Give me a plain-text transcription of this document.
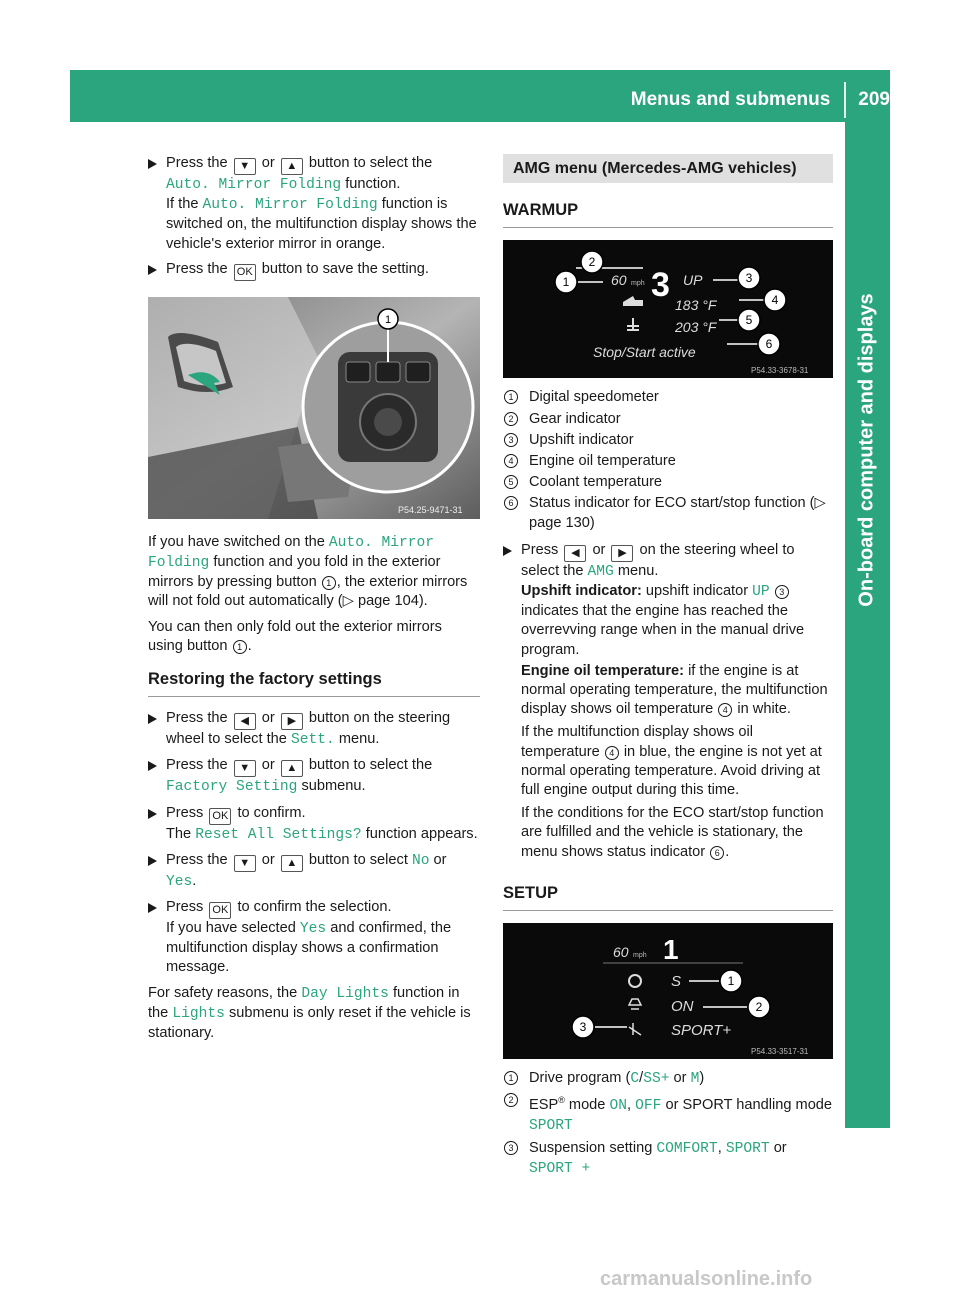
Menus and submenus 209
On-board computer and displays

Press the ▼ or ▲ button to select the Auto. Mirror Folding function.
If the Auto. Mirror Folding function is switched on, the multifunction display shows the vehicle's exterior mirror in orange.

Press the OK button to save the setting.

1
P54.25-9471-31

If you have switched on the Auto. Mirror Folding function and you fold in the exterior mirrors by pressing button 1 , the exterior mirrors will not fold out automatically (▷ page 104).

You can then only fold out the exterior mirrors using button 1 .

Restoring the factory settings

Press the ◀ or ▶ button on the steering wheel to select the Sett. menu.

Press the ▼ or ▲ button to select the Factory Setting submenu.

Press OK to confirm.
The Reset All Settings? function appears.

Press the ▼ or ▲ button to select No or Yes.

Press OK to confirm the selection.
If you have selected Yes and confirmed, the multifunction display shows a confirmation message.

For safety reasons, the Day Lights function in the Lights submenu is only reset if the vehicle is stationary.

AMG menu (Mercedes-AMG vehicles)
WARMUP
3
60 mph	UP
183 °F
203 °F
Stop/Start active
1
2
3
4
5
6
P54.33-3678-31
1	Digital speedometer
2	Gear indicator
3	Upshift indicator
4	Engine oil temperature
5	Coolant temperature
6	Status indicator for ECO start/stop function (▷ page 130)

Press ◀ or ▶ on the steering wheel to select the AMG menu.

Upshift indicator: upshift indicator UP 3 indicates that the engine has reached the overrevving range when in the manual drive program.

Engine oil temperature: if the engine is at normal operating temperature, the multifunction display shows oil temperature 4 in white.

If the multifunction display shows oil temperature 4 in blue, the engine is not yet at normal operating temperature. Avoid driving at full engine output during this time.

If the conditions for the ECO start/stop function are fulfilled and the vehicle is stationary, the menu shows status indicator 6 .

SETUP
1
60 mph
S
ON
SPORT+
1
2
3
P54.33-3517-31
1	Drive program (C/SS+ or M)
2	ESP® mode ON, OFF or SPORT handling mode SPORT
3	Suspension setting COMFORT, SPORT or SPORT +
carmanualsonline.info
